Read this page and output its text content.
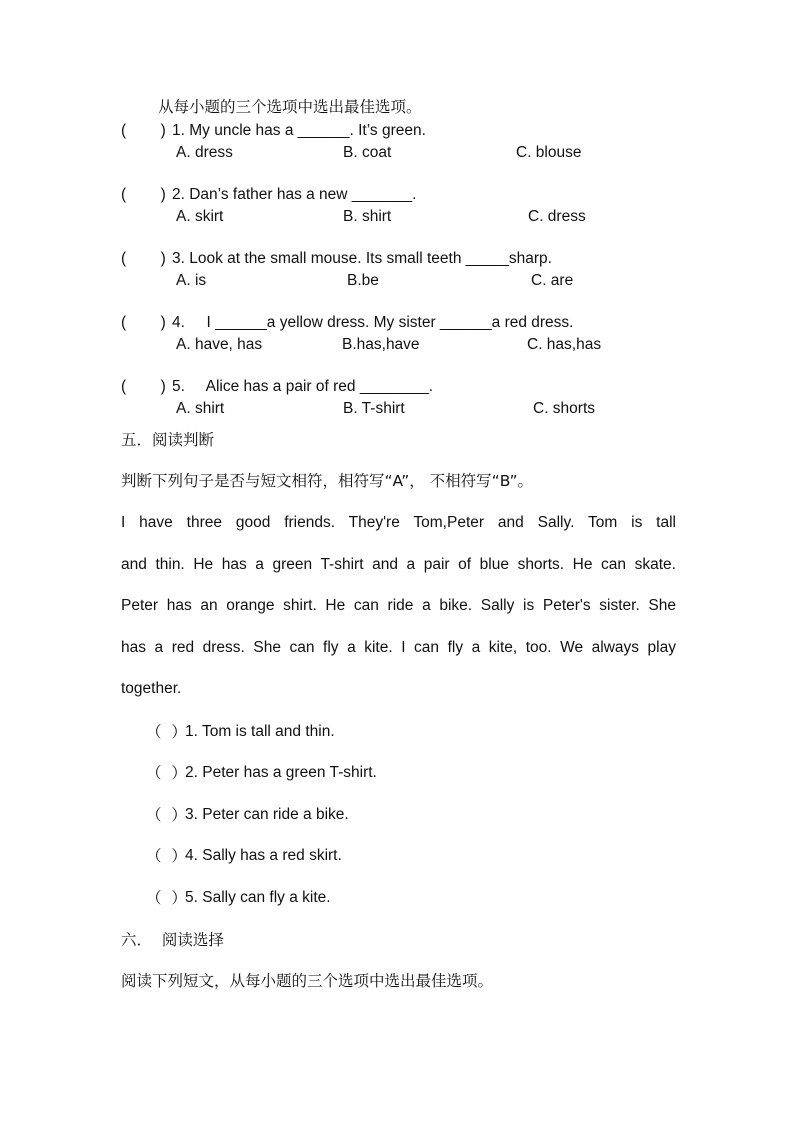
从每小题的三个选项中选出最佳选项。
(        ) 1. My uncle has a ______. It’s green.
A. dress	B. coat	C. blouse
(        ) 2. Dan’s father has a new _______.
A. skirt	B. shirt	C. dress
(        ) 3. Look at the small mouse. Its small teeth _____sharp.
A. is	B.be	C. are
(        ) 4.     I ______a yellow dress. My sister ______a red dress.
A. have, has	B.has,have	C. has,has
(        ) 5.     Alice has a pair of red ________.
A. shirt	B. T-shirt	C. shorts
五．阅读判断
判断下列句子是否与短文相符，相符写“A”， 不相符写“B”。
I have three good friends. They're Tom,Peter and Sally. Tom is tall
and thin. He has a green T-shirt and a pair of blue shorts. He can skate.
Peter has an orange shirt. He can ride a bike. Sally is Peter's sister. She
has a red dress. She can fly a kite. I can fly a kite, too. We always play
together.
（  ）
1. Tom is tall and thin.
（  ）
2. Peter has a green T-shirt.
（  ）
3. Peter can ride a bike.
（  ）
4. Sally has a red skirt.
（  ）
5. Sally can fly a kite.
六．  阅读选择
阅读下列短文，从每小题的三个选项中选出最佳选项。
